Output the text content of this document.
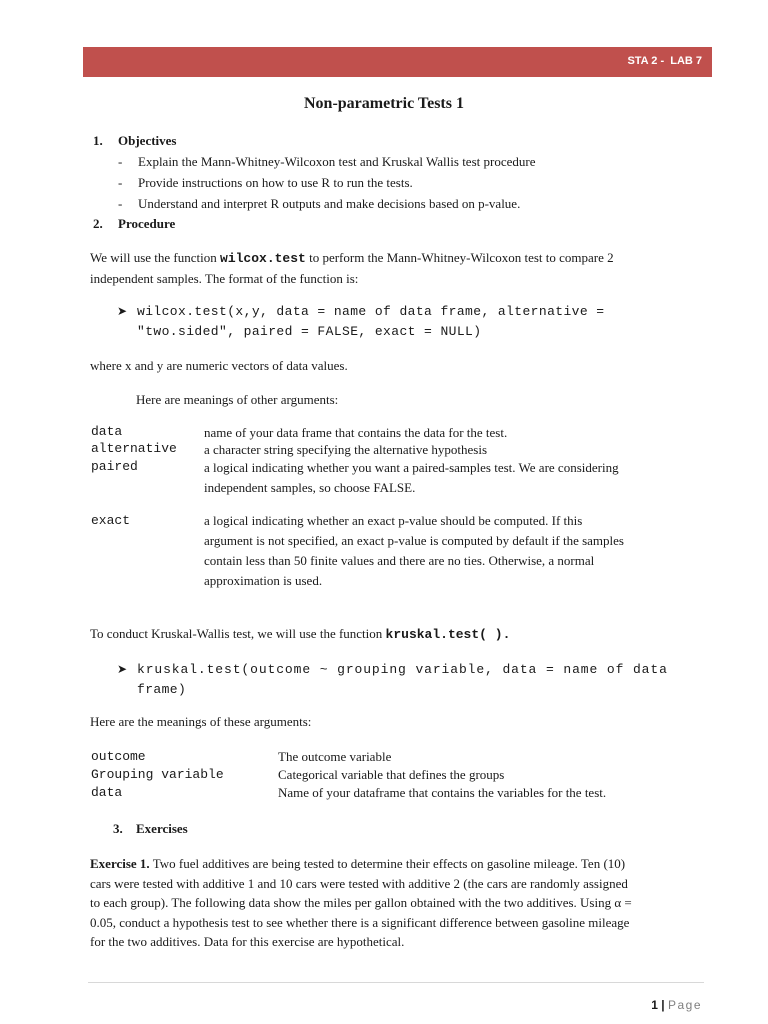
STA 2 -  LAB 7
Non-parametric Tests 1
1. Objectives
- Explain the Mann-Whitney-Wilcoxon test and Kruskal Wallis test procedure
- Provide instructions on how to use R to run the tests.
- Understand and interpret R outputs and make decisions based on p-value.
2. Procedure
We will use the function wilcox.test to perform the Mann-Whitney-Wilcoxon test to compare 2
independent samples. The format of the function is:
➤ wilcox.test(x,y, data = name of data frame, alternative =
"two.sided", paired = FALSE, exact = NULL)
where x and y are numeric vectors of data values.
Here are meanings of other arguments:
data	name of your data frame that contains the data for the test.
alternative a character string specifying the alternative hypothesis
paired	a logical indicating whether you want a paired-samples test. We are considering
independent samples, so choose FALSE.
exact	a logical indicating whether an exact p-value should be computed. If this
argument is not specified, an exact p-value is computed by default if the samples
contain less than 50 finite values and there are no ties. Otherwise, a normal
approximation is used.
To conduct Kruskal-Wallis test, we will use the function kruskal.test( ).
➤ kruskal.test(outcome ~ grouping variable, data = name of data
frame)
Here are the meanings of these arguments:
outcome	The outcome variable
Grouping variable	Categorical variable that defines the groups
data	Name of your dataframe that contains the variables for the test.
3. Exercises
Exercise 1. Two fuel additives are being tested to determine their effects on gasoline mileage. Ten (10)
cars were tested with additive 1 and 10 cars were tested with additive 2 (the cars are randomly assigned
to each group). The following data show the miles per gallon obtained with the two additives. Using α =
0.05, conduct a hypothesis test to see whether there is a significant difference between gasoline mileage
for the two additives. Data for this exercise are hypothetical.

1 | Page
